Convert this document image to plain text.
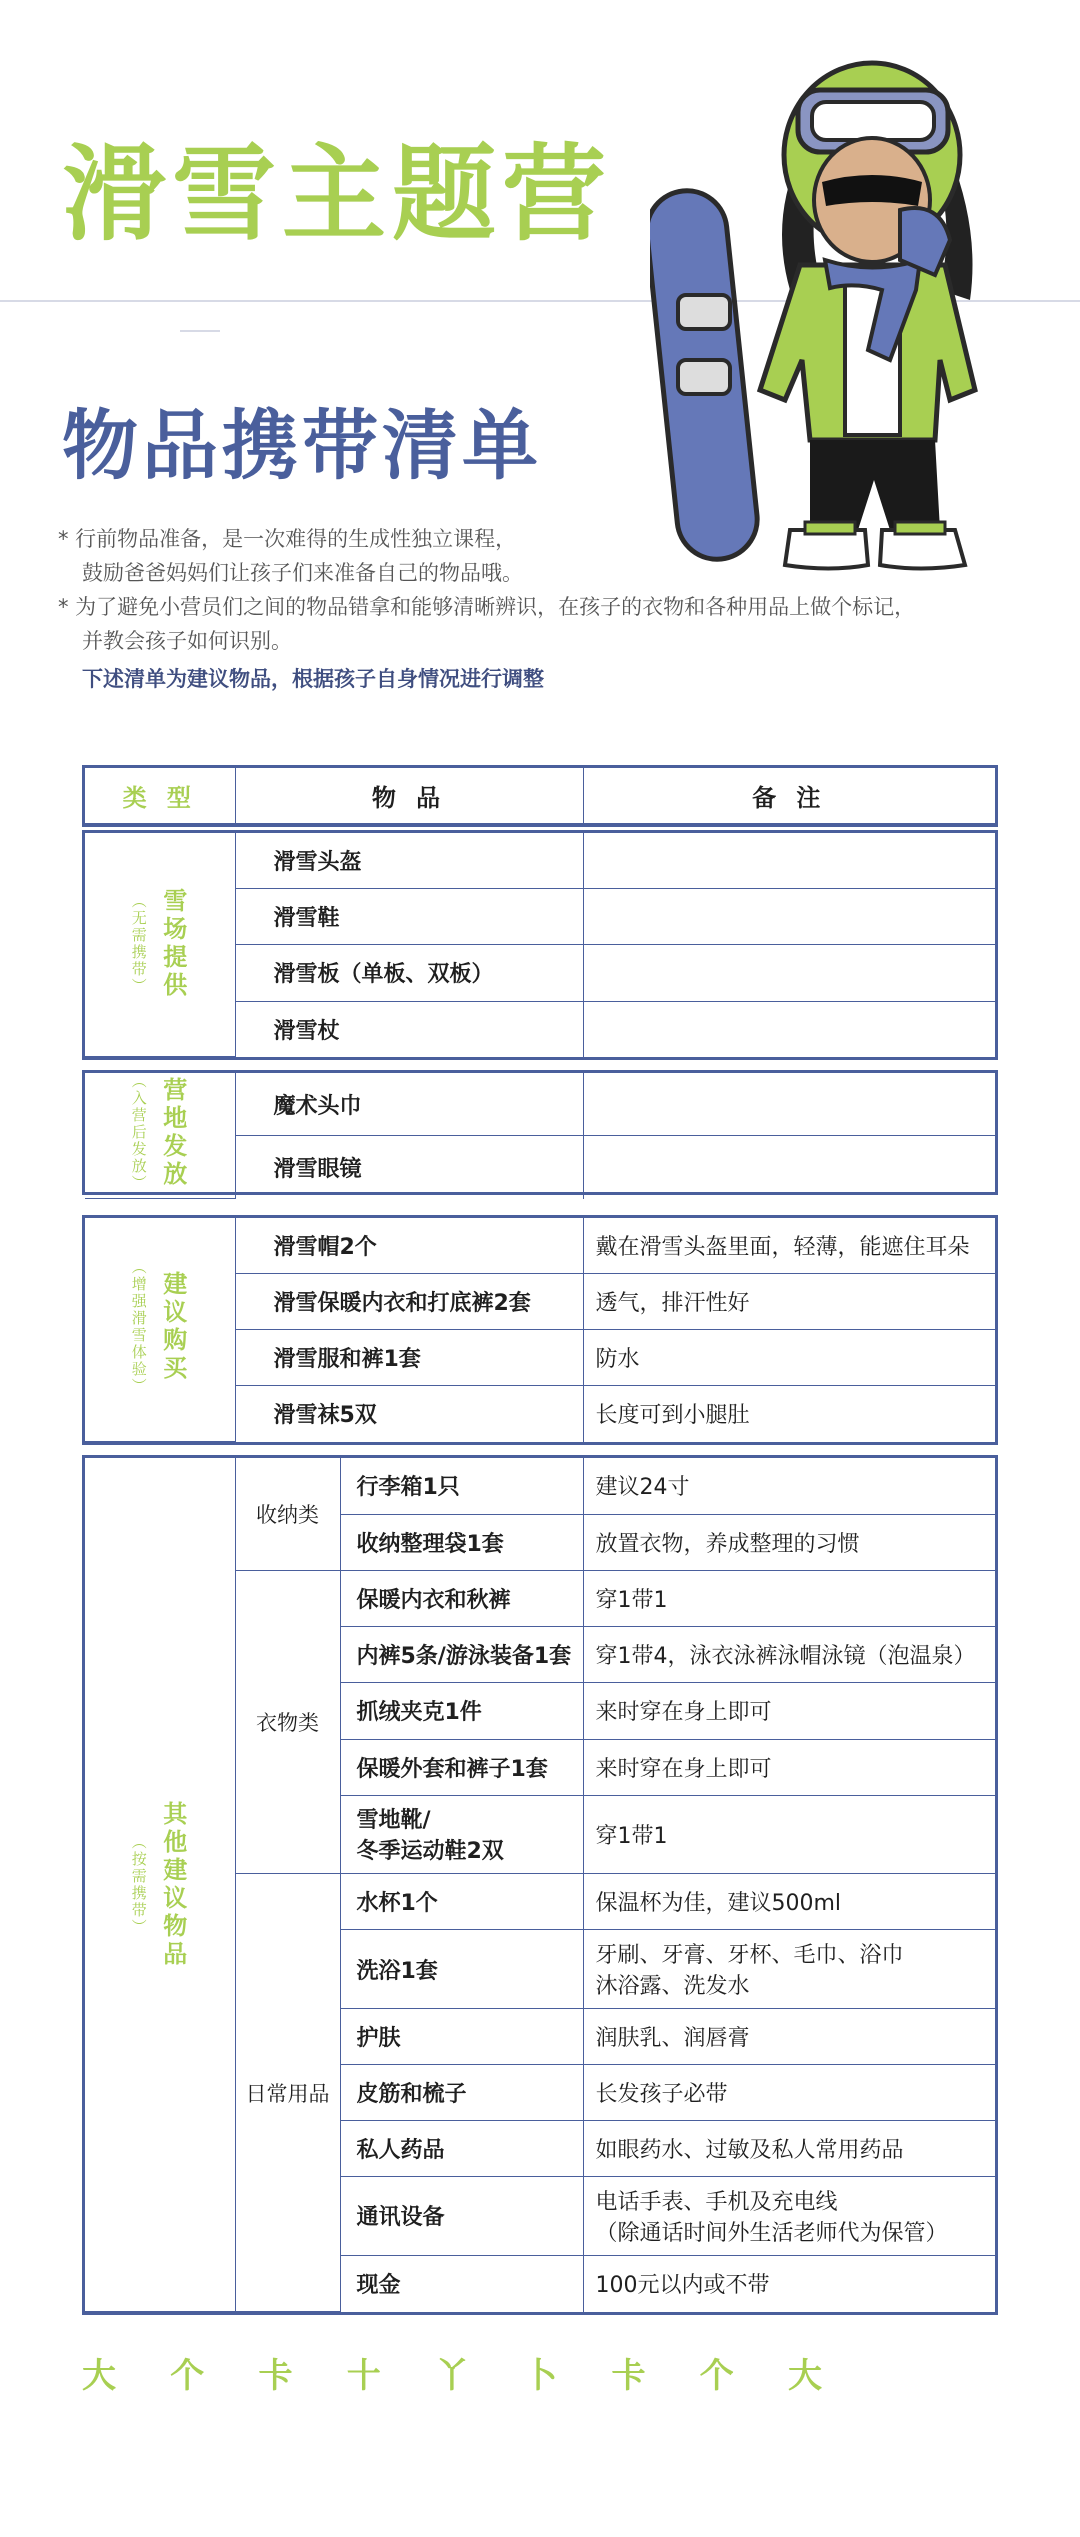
滑雪主题营
物品携带清单

* 行前物品准备，是一次难得的生成性独立课程，

鼓励爸爸妈妈们让孩子们来准备自己的物品哦。

* 为了避免小营员们之间的物品错拿和能够清晰辨识，在孩子的衣物和各种用品上做个标记，

并教会孩子如何识别。

下述清单为建议物品，根据孩子自身情况进行调整

类 型	物 品	备 注
（无需携带） 雪场提供	滑雪头盔	
	滑雪鞋	
	滑雪板（单板、双板）	
	滑雪杖	
（入营后发放） 营地发放	魔术头巾	
	滑雪眼镜	
（增强滑雪体验） 建议购买	滑雪帽2个	戴在滑雪头盔里面，轻薄，能遮住耳朵
	滑雪保暖内衣和打底裤2套	透气，排汗性好
	滑雪服和裤1套	防水
	滑雪袜5双	长度可到小腿肚
（按需携带） 其他建议物品	收纳类	行李箱1只	建议24寸
		收纳整理袋1套	放置衣物，养成整理的习惯
	衣物类	保暖内衣和秋裤	穿1带1
		内裤5条/游泳装备1套	穿1带4，泳衣泳裤泳帽泳镜（泡温泉）
		抓绒夹克1件	来时穿在身上即可
		保暖外套和裤子1套	来时穿在身上即可

		雪地靴/
冬季运动鞋2双	穿1带1
	日常用品	水杯1个	保温杯为佳，建议500ml
		洗浴1套	牙刷、牙膏、牙杯、毛巾、浴巾
沐浴露、洗发水

		护肤	润肤乳、润唇膏
		皮筋和梳子	长发孩子必带
		私人药品	如眼药水、过敏及私人常用药品
		通讯设备	电话手表、手机及充电线
（除通话时间外生活老师代为保管）

		现金	100元以内或不带
大 个 卡 十 丫 卜 卡 个 大
